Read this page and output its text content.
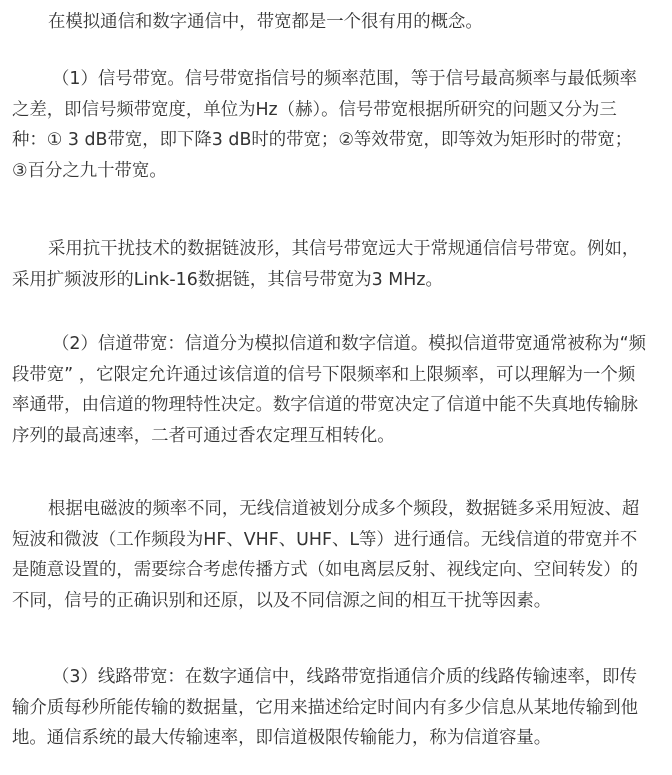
在模拟通信和数字通信中，带宽都是一个很有用的概念。

（1）信号带宽。信号带宽指信号的频率范围，等于信号最高频率与最低频率
之差，即信号频带宽度，单位为Hz（赫）。信号带宽根据所研究的问题又分为三
种：① 3 dB带宽，即下降3 dB时的带宽；②等效带宽，即等效为矩形时的带宽；
③百分之九十带宽。

采用抗干扰技术的数据链波形，其信号带宽远大于常规通信信号带宽。例如，
采用扩频波形的Link-16数据链，其信号带宽为3 MHz。

（2）信道带宽：信道分为模拟信道和数字信道。模拟信道带宽通常被称为“频
段带宽” ，它限定允许通过该信道的信号下限频率和上限频率，可以理解为一个频
率通带，由信道的物理特性决定。数字信道的带宽决定了信道中能不失真地传输脉
序列的最高速率，二者可通过香农定理互相转化。

根据电磁波的频率不同，无线信道被划分成多个频段，数据链多采用短波、超
短波和微波（工作频段为HF、VHF、UHF、L等）进行通信。无线信道的带宽并不
是随意设置的，需要综合考虑传播方式（如电离层反射、视线定向、空间转发）的
不同，信号的正确识别和还原，以及不同信源之间的相互干扰等因素。

（3）线路带宽：在数字通信中，线路带宽指通信介质的线路传输速率，即传
输介质每秒所能传输的数据量，它用来描述给定时间内有多少信息从某地传输到他
地。通信系统的最大传输速率，即信道极限传输能力，称为信道容量。
